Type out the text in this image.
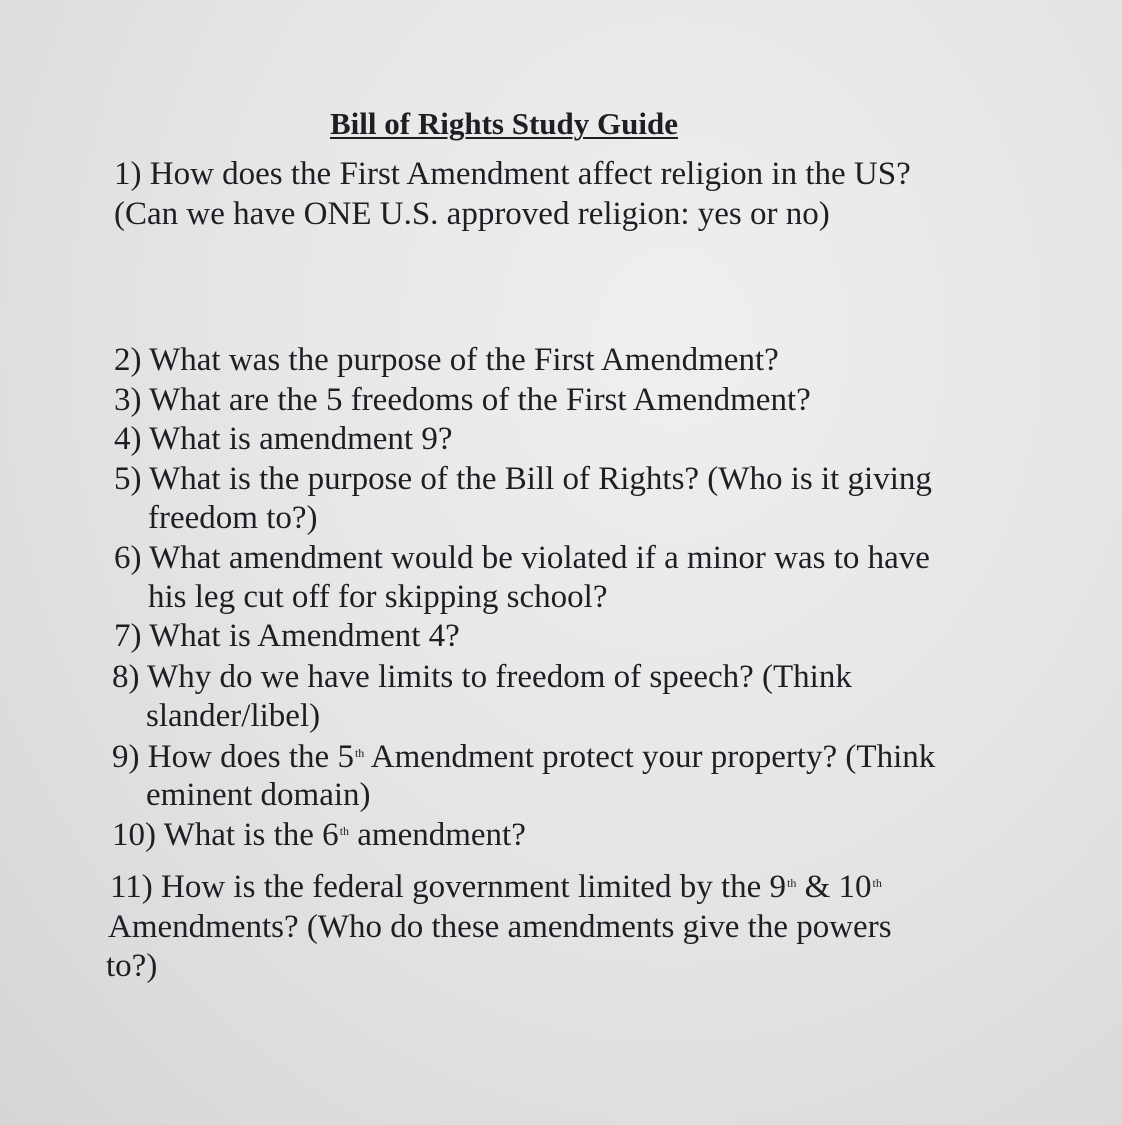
Bill of Rights Study Guide
1) How does the First Amendment affect religion in the US?
(Can we have ONE U.S. approved religion: yes or no)
2) What was the purpose of the First Amendment?
3) What are the 5 freedoms of the First Amendment?
4) What is amendment 9?
5) What is the purpose of the Bill of Rights? (Who is it giving
freedom to?)
6) What amendment would be violated if a minor was to have
his leg cut off for skipping school?
7) What is Amendment 4?
8) Why do we have limits to freedom of speech? (Think
slander/libel)
9) How does the 5th Amendment protect your property? (Think
eminent domain)
10) What is the 6th amendment?
11) How is the federal government limited by the 9th & 10th
Amendments? (Who do these amendments give the powers
to?)
